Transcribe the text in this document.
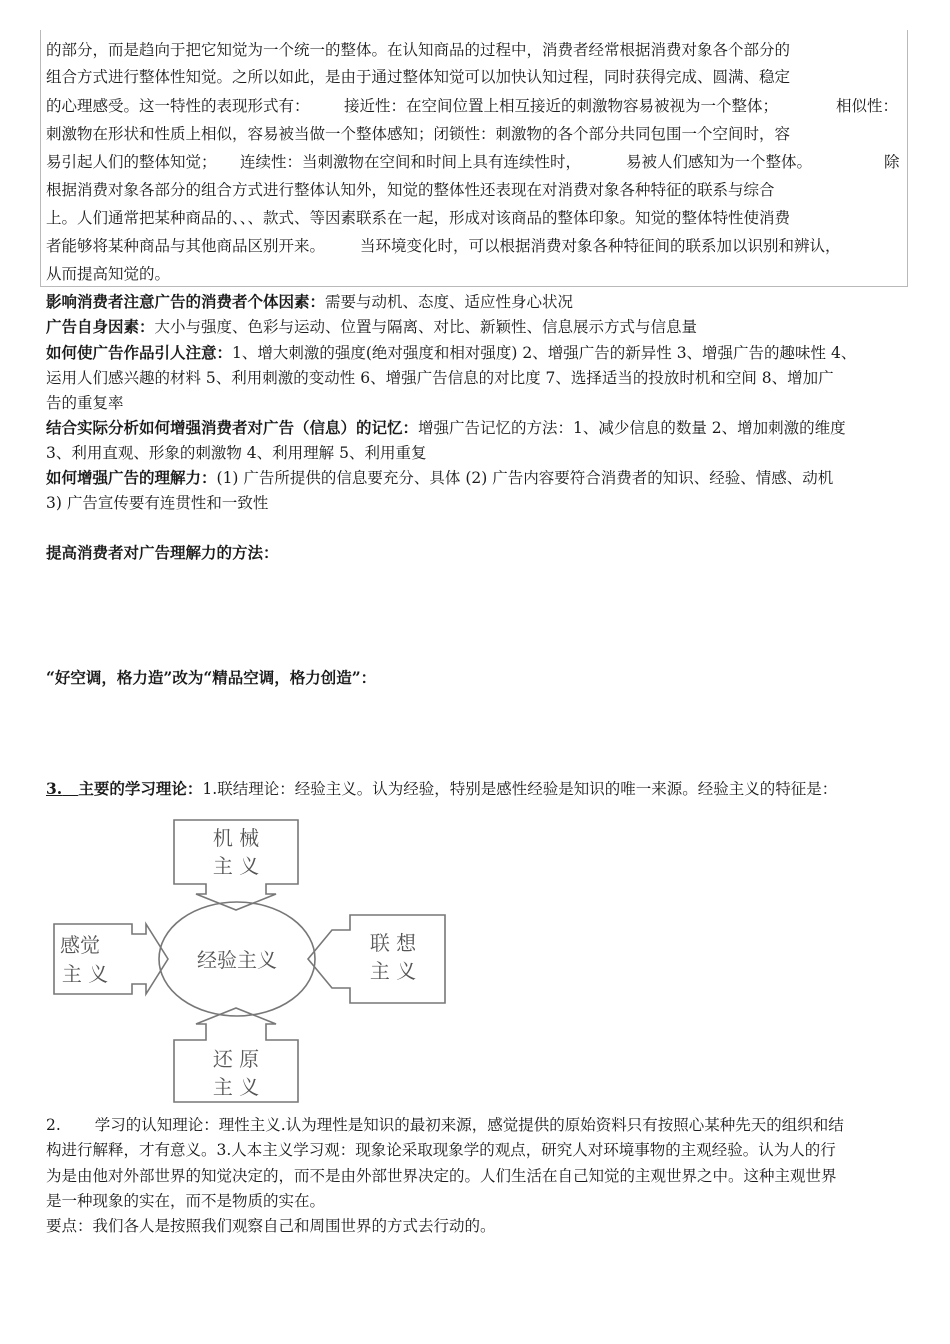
的部分，而是趋向于把它知觉为一个统一的整体。在认知商品的过程中，消费者经常根据消费对象各个部分的
组合方式进行整体性知觉。之所以如此，是由于通过整体知觉可以加快认知过程，同时获得完成、圆满、稳定
的心理感受。这一特性的表现形式有： 接近性：在空间位置上相互接近的刺激物容易被视为一个整体；	相似性：
刺激物在形状和性质上相似，容易被当做一个整体感知；闭锁性：刺激物的各个部分共同包围一个空间时，容
易引起人们的整体知觉； 连续性：当刺激物在空间和时间上具有连续性时，	易被人们感知为一个整体。	除
根据消费对象各部分的组合方式进行整体认知外，知觉的整体性还表现在对消费对象各种特征的联系与综合
上。人们通常把某种商品的、、、款式、等因素联系在一起，形成对该商品的整体印象。知觉的整体特性使消费
者能够将某种商品与其他商品区别开来。 当环境变化时，可以根据消费对象各种特征间的联系加以识别和辨认，
从而提高知觉的。
影响消费者注意广告的消费者个体因素：需要与动机、态度、适应性身心状况
广告自身因素：大小与强度、色彩与运动、位置与隔离、对比、新颖性、信息展示方式与信息量
如何使广告作品引人注意：1、增大刺激的强度(绝对强度和相对强度) 2、增强广告的新异性 3、增强广告的趣味性 4、
运用人们感兴趣的材料 5、利用刺激的变动性 6、增强广告信息的对比度 7、选择适当的投放时机和空间 8、增加广
告的重复率
结合实际分析如何增强消费者对广告（信息）的记忆：增强广告记忆的方法：1、减少信息的数量 2、增加刺激的维度
3、利用直观、形象的刺激物 4、利用理解 5、利用重复
如何增强广告的理解力：(1) 广告所提供的信息要充分、具体 (2) 广告内容要符合消费者的知识、经验、情感、动机
3) 广告宣传要有连贯性和一致性
提高消费者对广告理解力的方法：
“好空调，格力造”改为“精品空调，格力创造”：
3. 主要的学习理论：1.联结理论：经验主义。认为经验，特别是感性经验是知识的唯一来源。经验主义的特征是：
经验主义
机 械
主 义
感觉
主 义
联 想
主 义
还 原
主 义
2. 学习的认知理论：理性主义.认为理性是知识的最初来源，感觉提供的原始资料只有按照心某种先天的组织和结
构进行解释，才有意义。3.人本主义学习观：现象论采取现象学的观点，研究人对环境事物的主观经验。认为人的行
为是由他对外部世界的知觉决定的，而不是由外部世界决定的。人们生活在自己知觉的主观世界之中。这种主观世界
是一种现象的实在，而不是物质的实在。
要点：我们各人是按照我们观察自己和周围世界的方式去行动的。
